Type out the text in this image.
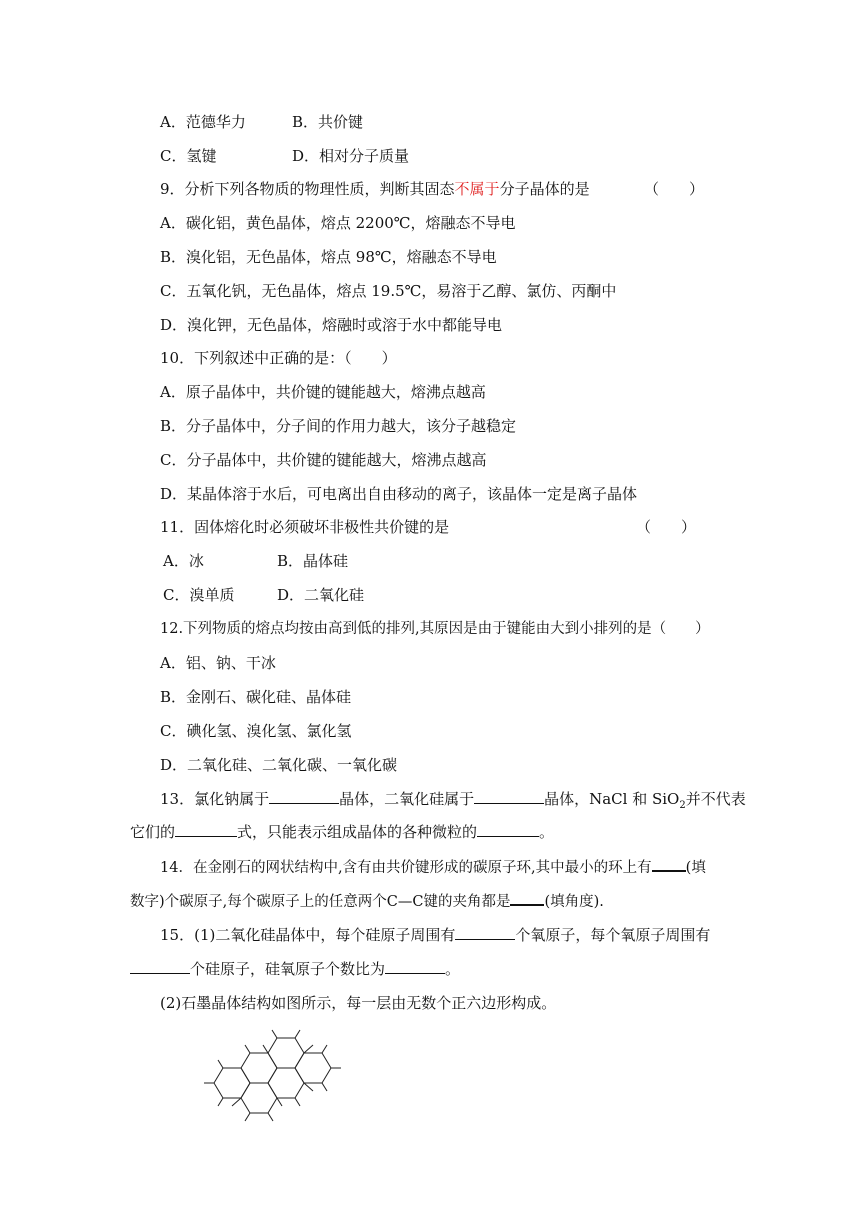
A．范德华力	B．共价键
C．氢键	D．相对分子质量
9．分析下列各物质的物理性质，判断其固态不属于分子晶体的是	（　　）
A．碳化铝，黄色晶体，熔点 2200℃，熔融态不导电
B．溴化铝，无色晶体，熔点 98℃，熔融态不导电
C．五氧化钒，无色晶体，熔点 19.5℃，易溶于乙醇、氯仿、丙酮中
D．溴化钾，无色晶体，熔融时或溶于水中都能导电
10．下列叙述中正确的是：（　　）
A．原子晶体中，共价键的键能越大，熔沸点越高
B．分子晶体中，分子间的作用力越大，该分子越稳定
C．分子晶体中，共价键的键能越大，熔沸点越高
D．某晶体溶于水后，可电离出自由移动的离子，该晶体一定是离子晶体
11．固体熔化时必须破坏非极性共价键的是	（　　）
A．冰	B．晶体硅
C．溴单质	D．二氧化硅
12.下列物质的熔点均按由高到低的排列,其原因是由于键能由大到小排列的是（　　）
A．铝、钠、干冰
B．金刚石、碳化硅、晶体硅
C．碘化氢、溴化氢、氯化氢
D．二氧化硅、二氧化碳、一氧化碳
13．氯化钠属于	晶体，二氧化硅属于	晶体，NaCl 和 SiO$_2$并不代表
它们的	式，只能表示组成晶体的各种微粒的	。
14．在金刚石的网状结构中,含有由共价键形成的碳原子环,其中最小的环上有 (填
数字)个碳原子,每个碳原子上的任意两个C—C键的夹角都是 (填角度).
15．(1)二氧化硅晶体中，每个硅原子周围有	个氧原子，每个氧原子周围有
个硅原子，硅氧原子个数比为	。
(2)石墨晶体结构如图所示，每一层由无数个正六边形构成。
